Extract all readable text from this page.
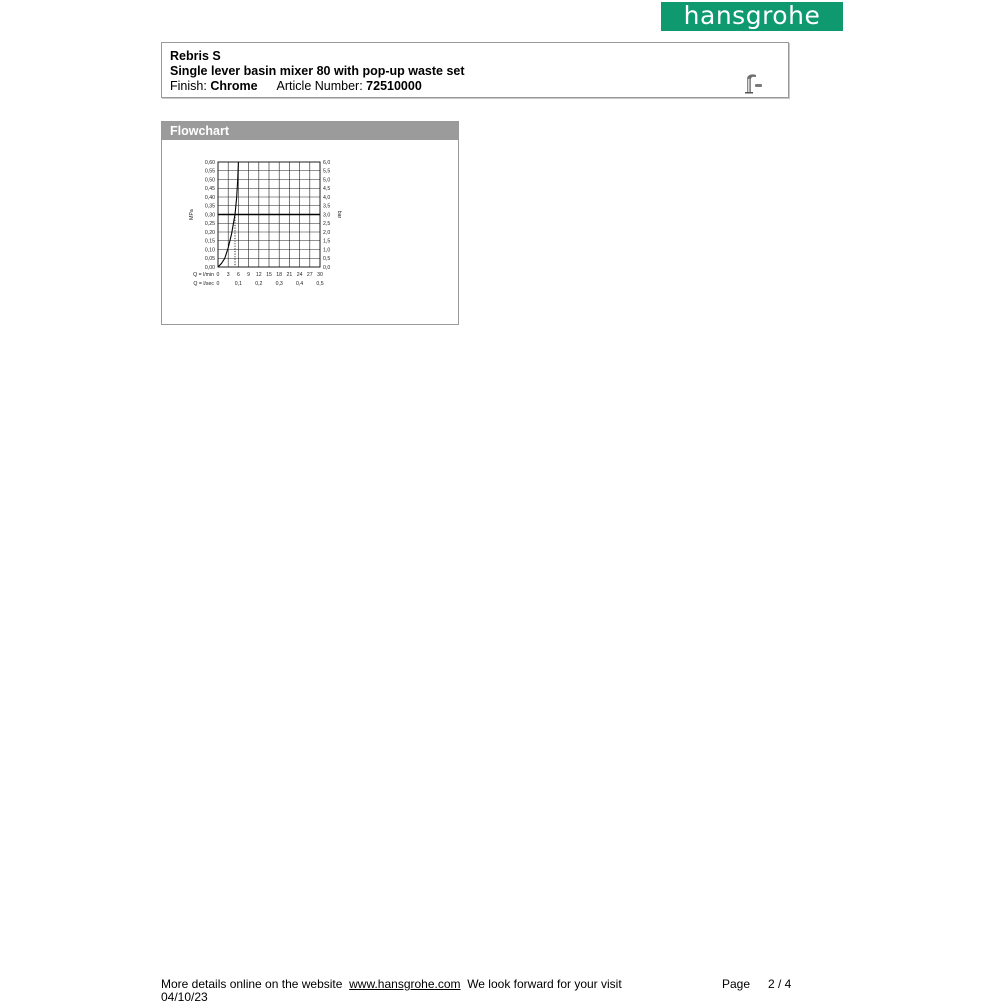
hansgrohe
Rebris S
Single lever basin mixer 80 with pop-up waste set
Finish: Chrome Article Number: 72510000
Flowchart
0,00	0,0
0,05	0,5
0,10	1,0
0,15	1,5
0,20	2,0
0,25	2,5
0,30	3,0
0,35	3,5
0,40	4,0
0,45	4,5
0,50	5,0
0,55	5,5
0,60	6,0
0 3 6 9 12 15 18 21 24 27 30
Q = l/min
0	0,1	0,2	0,3	0,4	0,5
Q = l/sec
MPa	bar
More details online on the website www.hansgrohe.com We look forward for your visit
04/10/23
Page 2 / 4
